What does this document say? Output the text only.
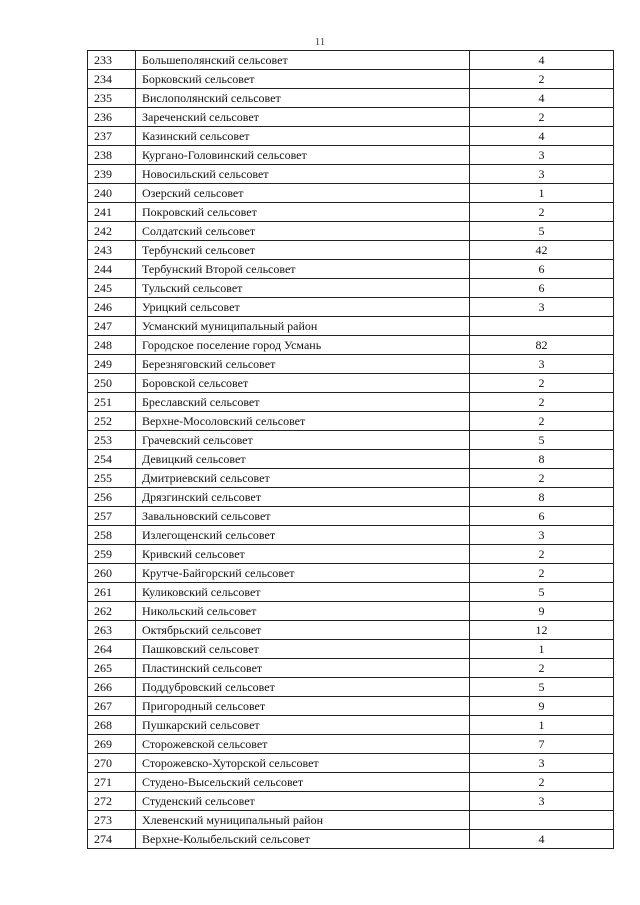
11
233	Большеполянский сельсовет	4
234	Борковский сельсовет	2
235	Вислополянский сельсовет	4
236	Зареченский сельсовет	2
237	Казинский сельсовет	4
238	Кургано-Головинский сельсовет	3
239	Новосильский сельсовет	3
240	Озерский сельсовет	1
241	Покровский сельсовет	2
242	Солдатский сельсовет	5
243	Тербунский сельсовет	42
244	Тербунский Второй сельсовет	6
245	Тульский сельсовет	6
246	Урицкий сельсовет	3
247	Усманский муниципальный район	
248	Городское поселение город Усмань	82
249	Березняговский сельсовет	3
250	Боровской сельсовет	2
251	Бреславский сельсовет	2
252	Верхне-Мосоловский сельсовет	2
253	Грачевский сельсовет	5
254	Девицкий сельсовет	8
255	Дмитриевский сельсовет	2
256	Дрязгинский сельсовет	8
257	Завальновский сельсовет	6
258	Излегощенский сельсовет	3
259	Кривский сельсовет	2
260	Крутче-Байгорский сельсовет	2
261	Куликовский сельсовет	5
262	Никольский сельсовет	9
263	Октябрьский сельсовет	12
264	Пашковский сельсовет	1
265	Пластинский сельсовет	2
266	Поддубровский сельсовет	5
267	Пригородный сельсовет	9
268	Пушкарский сельсовет	1
269	Сторожевской сельсовет	7
270	Сторожевско-Хуторской сельсовет	3
271	Студено-Высельский сельсовет	2
272	Студенский сельсовет	3
273	Хлевенский муниципальный район	
274	Верхне-Колыбельский сельсовет	4
